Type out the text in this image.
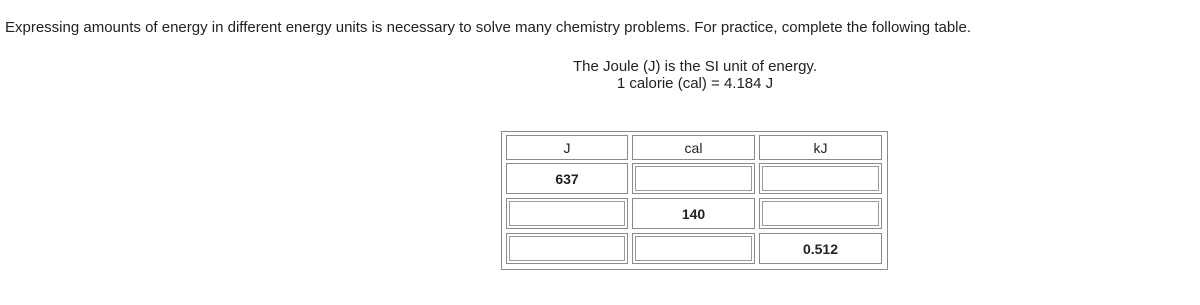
Expressing amounts of energy in different energy units is necessary to solve many chemistry problems. For practice, complete the following table.
The Joule (J) is the SI unit of energy.
1 calorie (cal) = 4.184 J
J	cal	kJ
637
140
0.512
